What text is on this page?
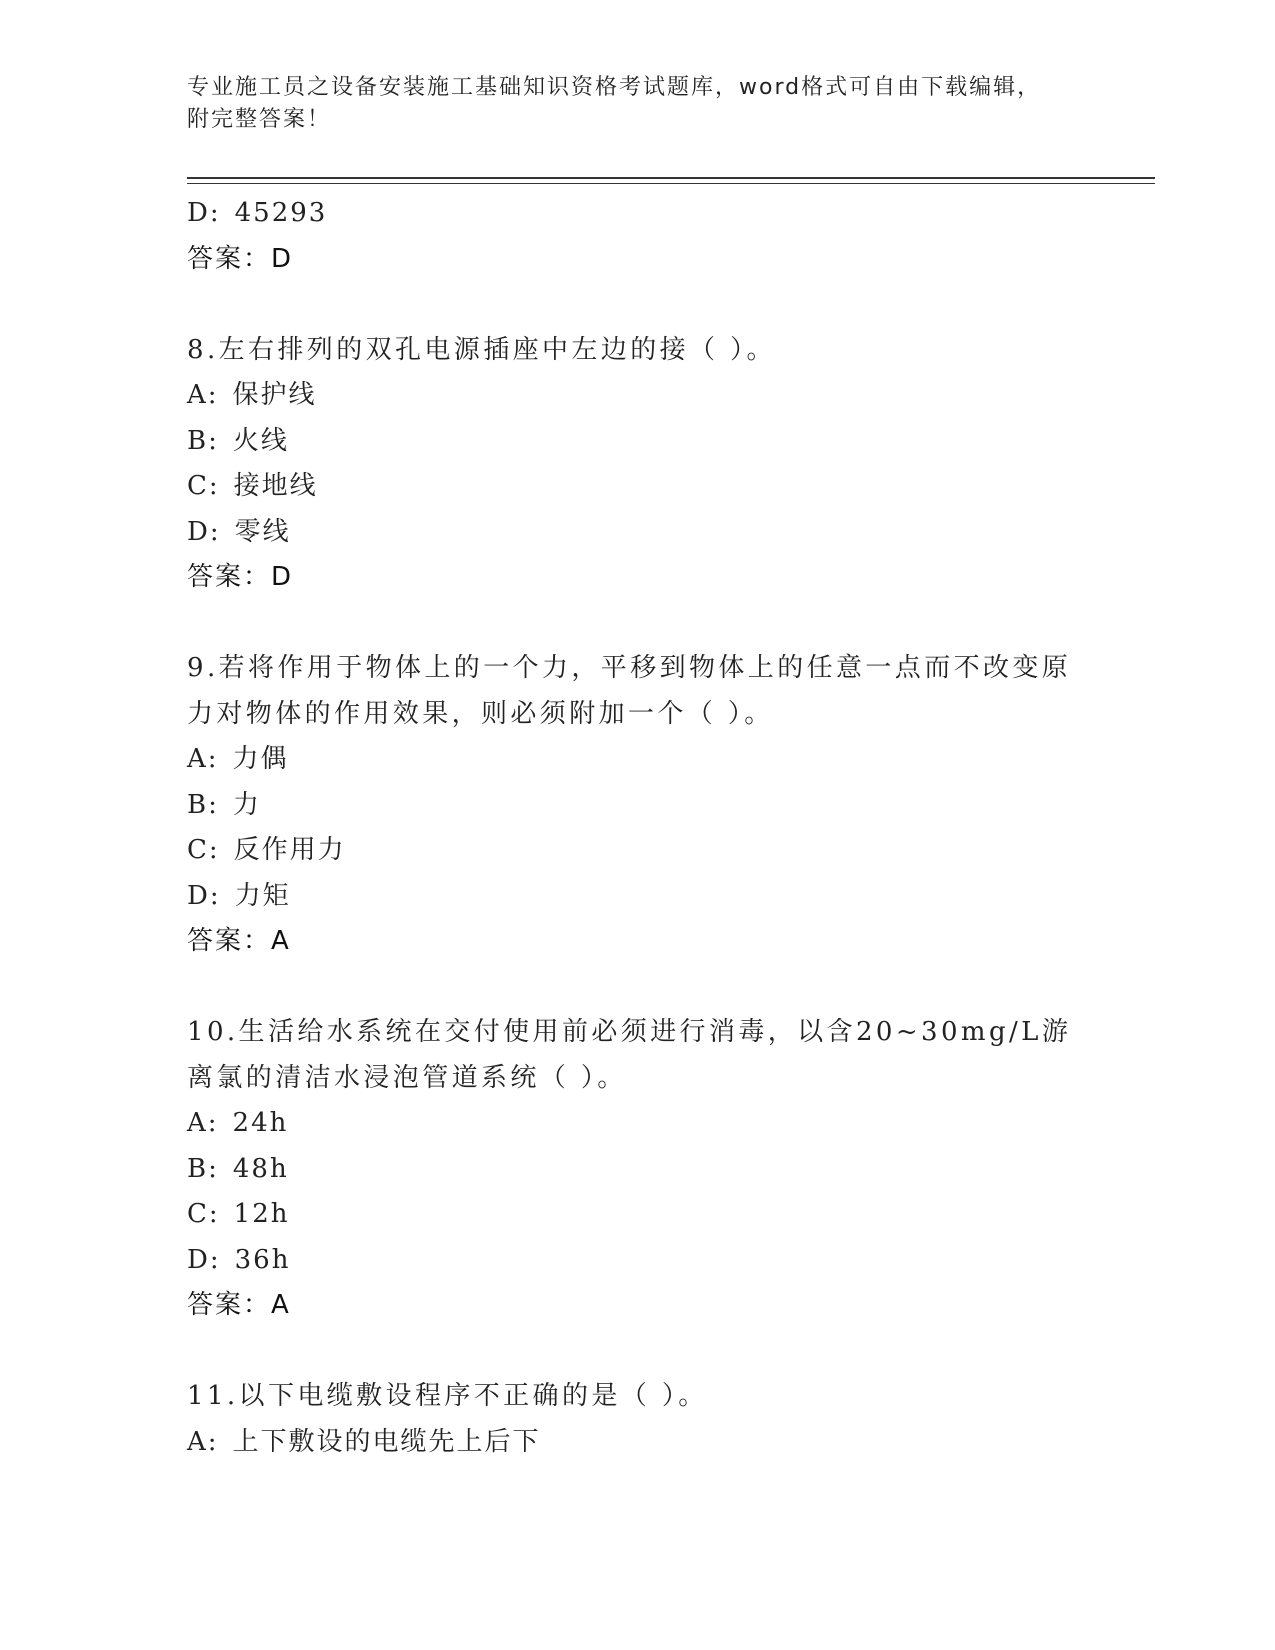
专业施工员之设备安装施工基础知识资格考试题库，word格式可自由下载编辑，
附完整答案！
D: 45293
答案：D
8.左右排列的双孔电源插座中左边的接（ ）。
A: 保护线
B: 火线
C: 接地线
D: 零线
答案：D
9.若将作用于物体上的一个力，平移到物体上的任意一点而不改变原力对物体的作用效果，则必须附加一个（ ）。
A: 力偶
B: 力
C: 反作用力
D: 力矩
答案：A
10.生活给水系统在交付使用前必须进行消毒，以含20~30mg/L游离氯的清洁水浸泡管道系统（ ）。
A: 24h
B: 48h
C: 12h
D: 36h
答案：A
11.以下电缆敷设程序不正确的是（ ）。
A: 上下敷设的电缆先上后下
